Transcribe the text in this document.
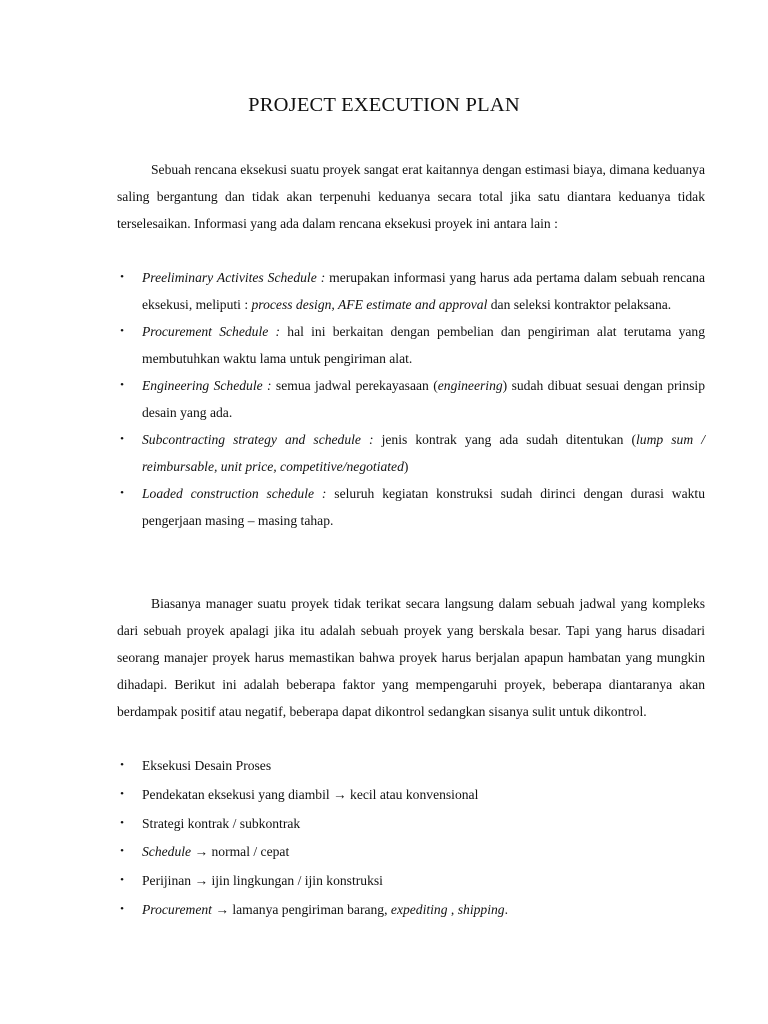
PROJECT EXECUTION PLAN

Sebuah rencana eksekusi suatu proyek sangat erat kaitannya dengan estimasi biaya, dimana keduanya saling bergantung dan tidak akan terpenuhi keduanya secara total jika satu diantara keduanya tidak terselesaikan. Informasi yang ada dalam rencana eksekusi proyek ini antara lain :

• Preeliminary Activites Schedule : merupakan informasi yang harus ada pertama dalam sebuah rencana eksekusi, meliputi : process design, AFE estimate and approval dan seleksi kontraktor pelaksana.
• Procurement Schedule : hal ini berkaitan dengan pembelian dan pengiriman alat terutama yang membutuhkan waktu lama untuk pengiriman alat.
• Engineering Schedule : semua jadwal perekayasaan (engineering) sudah dibuat sesuai dengan prinsip desain yang ada.
• Subcontracting strategy and schedule : jenis kontrak yang ada sudah ditentukan (lump sum / reimbursable, unit price, competitive/negotiated)
• Loaded construction schedule : seluruh kegiatan konstruksi sudah dirinci dengan durasi waktu pengerjaan masing – masing tahap.

Biasanya manager suatu proyek tidak terikat secara langsung dalam sebuah jadwal yang kompleks dari sebuah proyek apalagi jika itu adalah sebuah proyek yang berskala besar. Tapi yang harus disadari seorang manajer proyek harus memastikan bahwa proyek harus berjalan apapun hambatan yang mungkin dihadapi. Berikut ini adalah beberapa faktor yang mempengaruhi proyek, beberapa diantaranya akan berdampak positif atau negatif, beberapa dapat dikontrol sedangkan sisanya sulit untuk dikontrol.

• Eksekusi Desain Proses
• Pendekatan eksekusi yang diambil → kecil atau konvensional
• Strategi kontrak / subkontrak
• Schedule → normal / cepat
• Perijinan → ijin lingkungan / ijin konstruksi
• Procurement → lamanya pengiriman barang, expediting , shipping.
